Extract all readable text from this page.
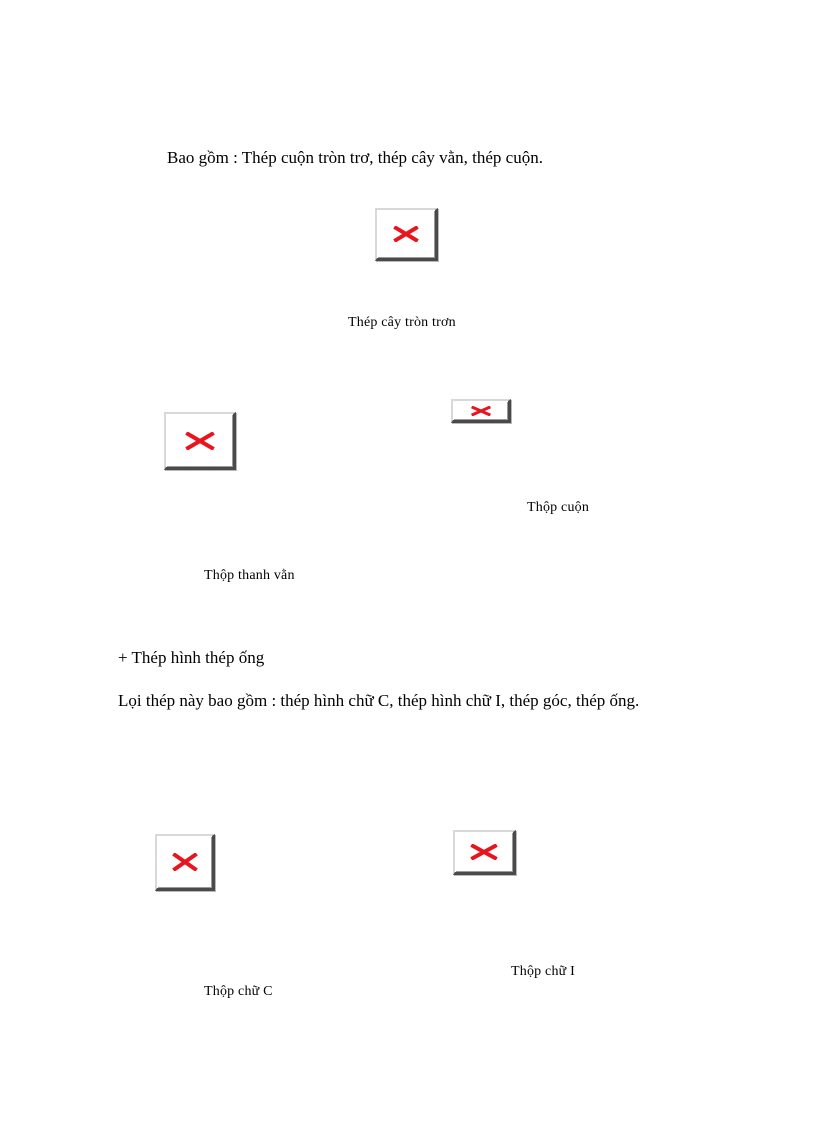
Bao gồm : Thép cuộn tròn trơ, thép cây vằn, thép cuộn.

Thép cây tròn trơn
Thộp thanh vằn
Thộp cuộn

+ Thép hình thép ống

Lọi thép này bao gồm : thép hình chữ C, thép hình chữ I, thép góc, thép ống.

Thộp chữ C
Thộp chữ I
